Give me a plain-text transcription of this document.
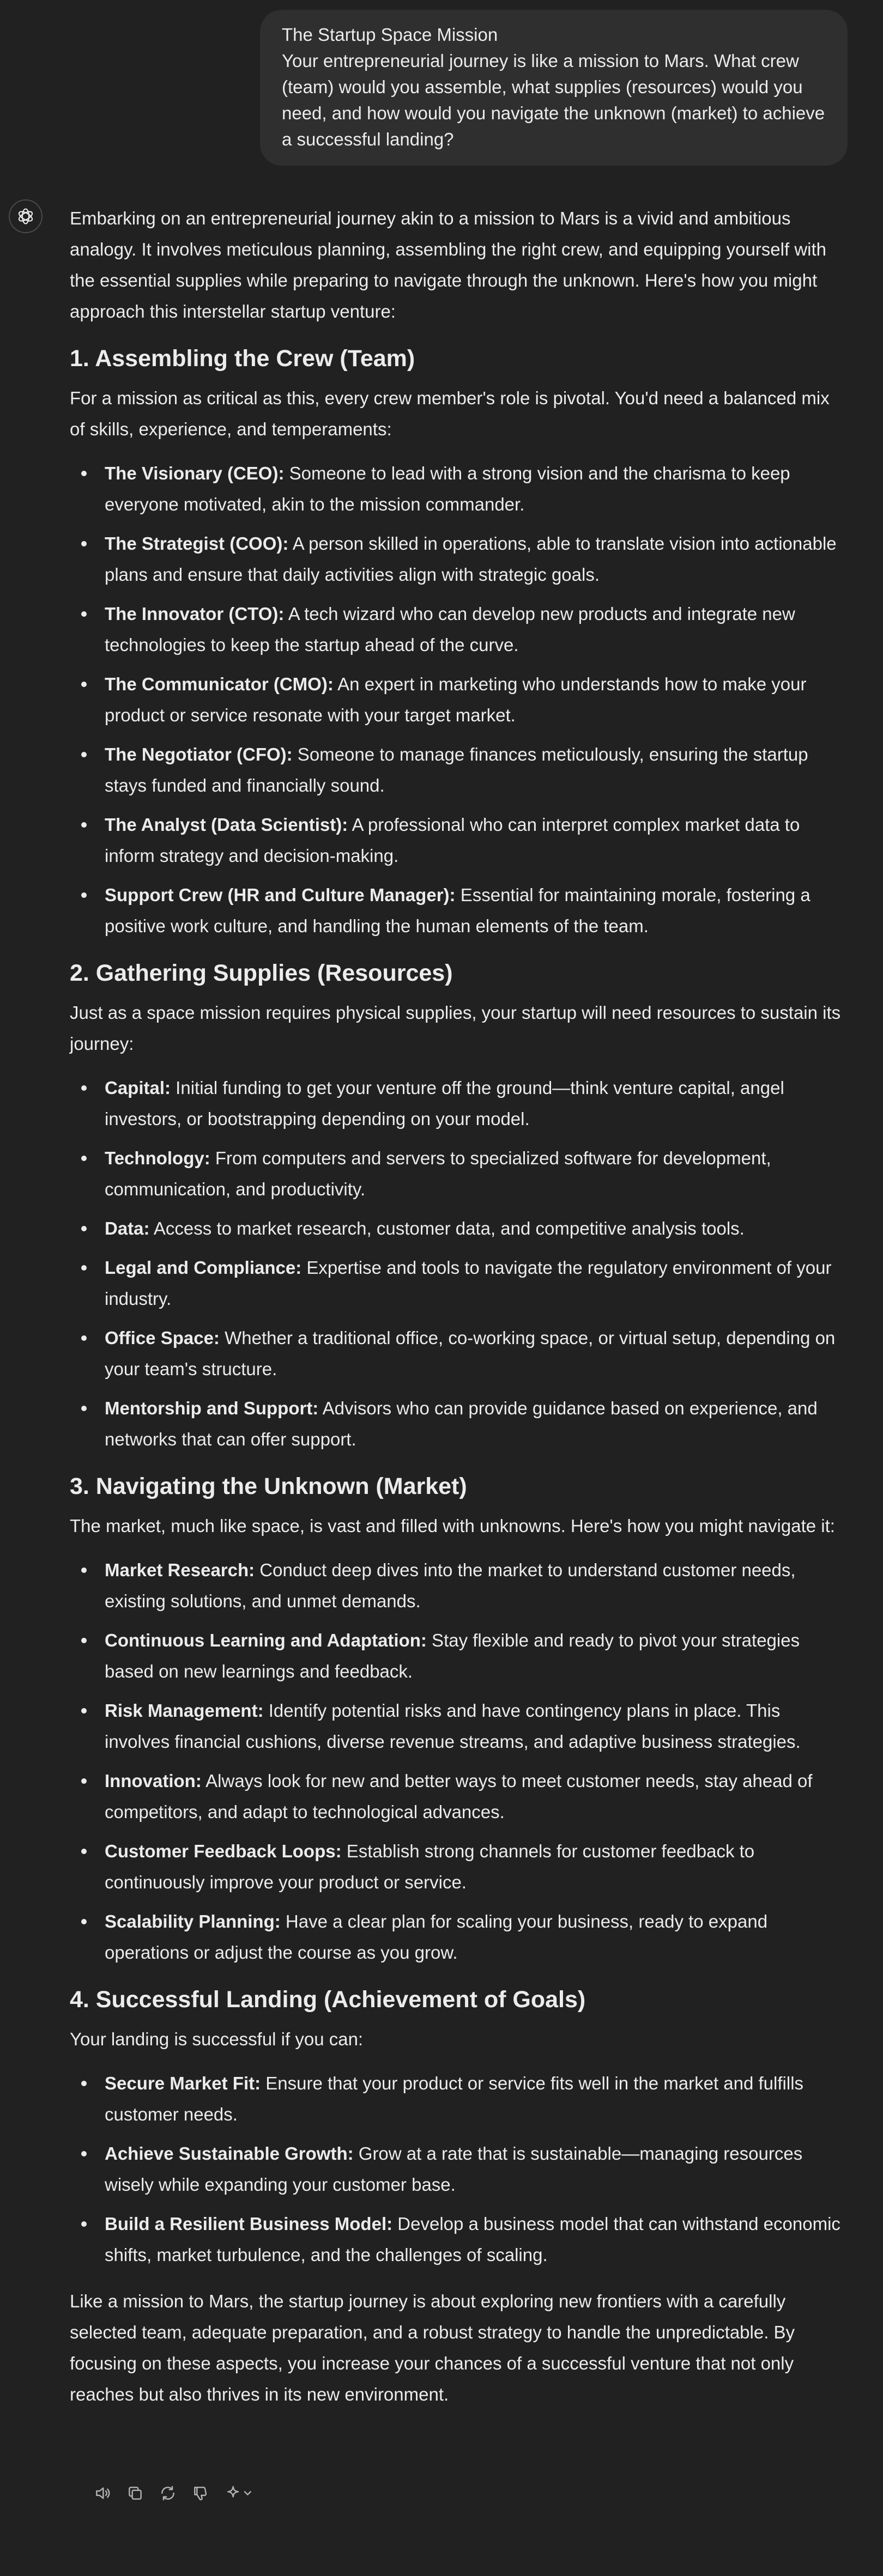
The Startup Space Mission
Your entrepreneurial journey is like a mission to Mars. What crew
(team) would you assemble, what supplies (resources) would you
need, and how would you navigate the unknown (market) to achieve
a successful landing?

Embarking on an entrepreneurial journey akin to a mission to Mars is a vivid and ambitious analogy. It involves meticulous planning, assembling the right crew, and equipping yourself with the essential supplies while preparing to navigate through the unknown. Here's how you might approach this interstellar startup venture:

1. Assembling the Crew (Team)

For a mission as critical as this, every crew member's role is pivotal. You'd need a balanced mix of skills, experience, and temperaments:

The Visionary (CEO): Someone to lead with a strong vision and the charisma to keep everyone motivated, akin to the mission commander.
The Strategist (COO): A person skilled in operations, able to translate vision into actionable plans and ensure that daily activities align with strategic goals.
The Innovator (CTO): A tech wizard who can develop new products and integrate new technologies to keep the startup ahead of the curve.
The Communicator (CMO): An expert in marketing who understands how to make your product or service resonate with your target market.
The Negotiator (CFO): Someone to manage finances meticulously, ensuring the startup stays funded and financially sound.
The Analyst (Data Scientist): A professional who can interpret complex market data to inform strategy and decision-making.
Support Crew (HR and Culture Manager): Essential for maintaining morale, fostering a positive work culture, and handling the human elements of the team.
2. Gathering Supplies (Resources)

Just as a space mission requires physical supplies, your startup will need resources to sustain its journey:

Capital: Initial funding to get your venture off the ground—think venture capital, angel investors, or bootstrapping depending on your model.
Technology: From computers and servers to specialized software for development, communication, and productivity.
Data: Access to market research, customer data, and competitive analysis tools.
Legal and Compliance: Expertise and tools to navigate the regulatory environment of your industry.
Office Space: Whether a traditional office, co-working space, or virtual setup, depending on your team's structure.
Mentorship and Support: Advisors who can provide guidance based on experience, and networks that can offer support.
3. Navigating the Unknown (Market)

The market, much like space, is vast and filled with unknowns. Here's how you might navigate it:

Market Research: Conduct deep dives into the market to understand customer needs, existing solutions, and unmet demands.
Continuous Learning and Adaptation: Stay flexible and ready to pivot your strategies based on new learnings and feedback.
Risk Management: Identify potential risks and have contingency plans in place. This involves financial cushions, diverse revenue streams, and adaptive business strategies.
Innovation: Always look for new and better ways to meet customer needs, stay ahead of competitors, and adapt to technological advances.
Customer Feedback Loops: Establish strong channels for customer feedback to continuously improve your product or service.
Scalability Planning: Have a clear plan for scaling your business, ready to expand operations or adjust the course as you grow.
4. Successful Landing (Achievement of Goals)

Your landing is successful if you can:

Secure Market Fit: Ensure that your product or service fits well in the market and fulfills customer needs.
Achieve Sustainable Growth: Grow at a rate that is sustainable—managing resources wisely while expanding your customer base.
Build a Resilient Business Model: Develop a business model that can withstand economic shifts, market turbulence, and the challenges of scaling.

Like a mission to Mars, the startup journey is about exploring new frontiers with a carefully selected team, adequate preparation, and a robust strategy to handle the unpredictable. By focusing on these aspects, you increase your chances of a successful venture that not only reaches but also thrives in its new environment.
